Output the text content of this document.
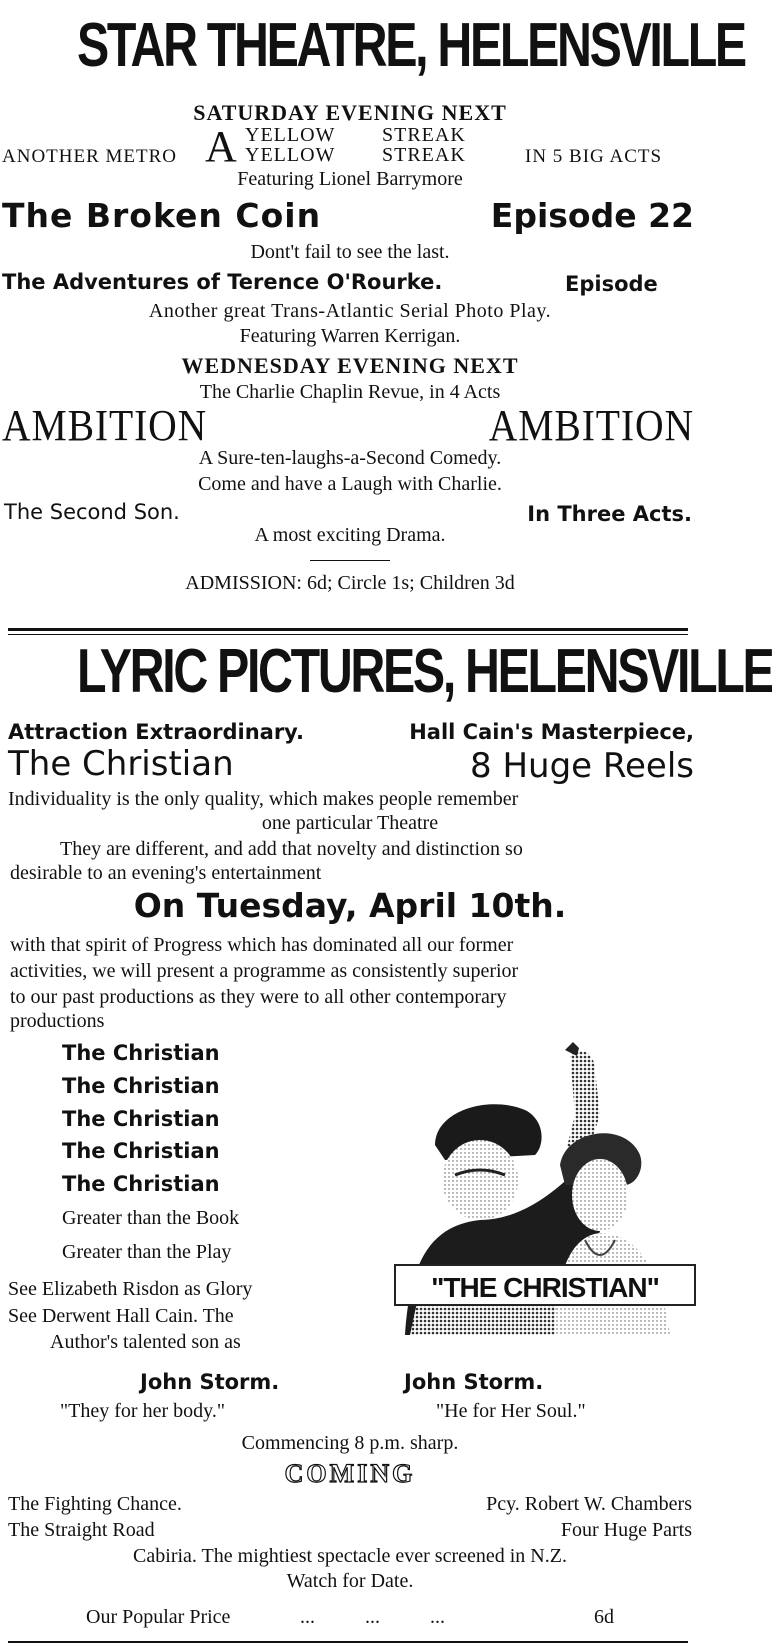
STAR THEATRE, HELENSVILLE
SATURDAY EVENING NEXT
ANOTHER METRO A YELLOW
YELLOW
STREAK
STREAK	IN 5 BIG ACTS
Featuring Lionel Barrymore
The Broken Coin	Episode 22
Dont't fail to see the last.
The Adventures of Terence O'Rourke.	Episode
Another great Trans-Atlantic Serial Photo Play.
Featuring Warren Kerrigan.
WEDNESDAY EVENING NEXT
The Charlie Chaplin Revue, in 4 Acts
AMBITION	AMBITION
A Sure-ten-laughs-a-Second Comedy.
Come and have a Laugh with Charlie.
The Second Son.	In Three Acts.
A most exciting Drama.
ADMISSION: 6d; Circle 1s; Children 3d
LYRIC PICTURES, HELENSVILLE
Attraction Extraordinary.	Hall Cain's Masterpiece,
The Christian	8 Huge Reels
Individuality is the only quality, which makes people remember
one particular Theatre
They are different, and add that novelty and distinction so
desirable to an evening's entertainment
On Tuesday, April 10th.
with that spirit of Progress which has dominated all our former
activities, we will present a programme as consistently superior
to our past productions as they were to all other contemporary
productions
The Christian
The Christian
The Christian
The Christian
The Christian
Greater than the Book
Greater than the Play
See Elizabeth Risdon as Glory
See Derwent Hall Cain. The
Author's talented son as
"THE CHRISTIAN"
John Storm.	John Storm.
"They for her body."	"He for Her Soul."
Commencing 8 p.m. sharp.
COMING
The Fighting Chance.	Pcy. Robert W. Chambers
The Straight Road	Four Huge Parts
Cabiria. The mightiest spectacle ever screened in N.Z.
Watch for Date.
Our Popular Price	...          ...          ...	6d
